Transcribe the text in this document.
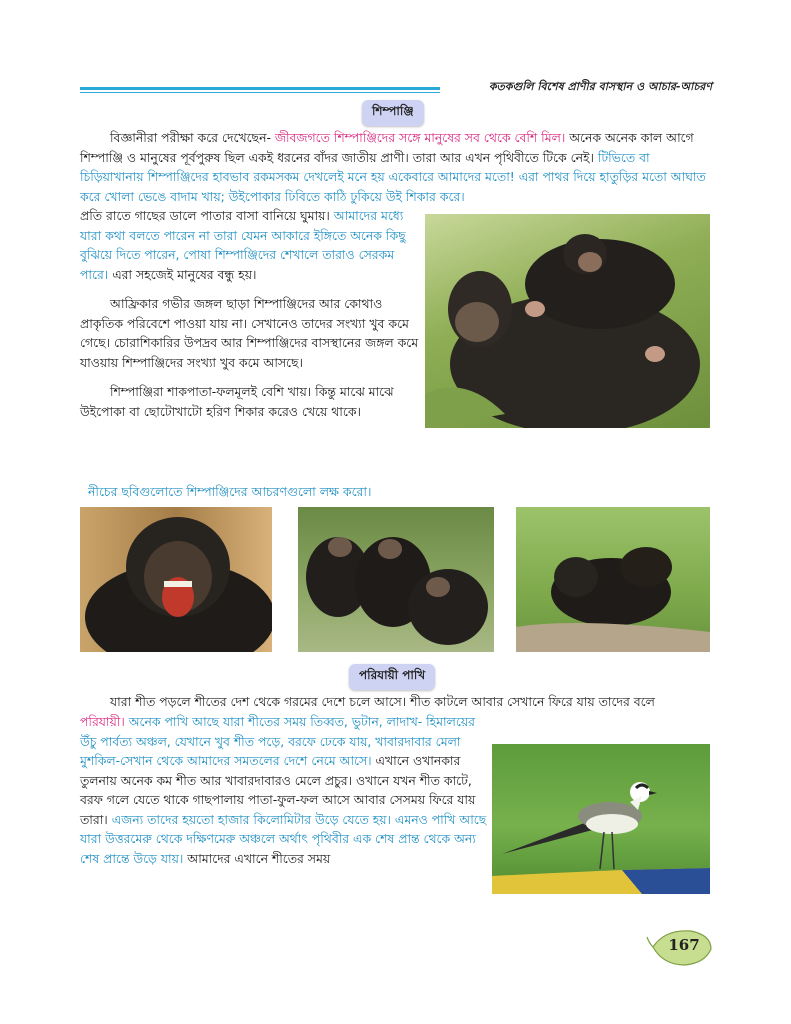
কতকগুলি বিশেষ প্রাণীর বাসস্থান ও আচার-আচরণ
শিম্পাঞ্জি

বিজ্ঞানীরা পরীক্ষা করে দেখেছেন- জীবজগতে শিম্পাঞ্জিদের সঙ্গে মানুষের সব থেকে বেশি মিল। অনেক অনেক কাল আগে শিম্পাঞ্জি ও মানুষের পূর্বপুরুষ ছিল একই ধরনের বাঁদর জাতীয় প্রাণী। তারা আর এখন পৃথিবীতে টিকে নেই। টিভিতে বা চিড়িয়াখানায় শিম্পাঞ্জিদের হাবভাব রকমসকম দেখলেই মনে হয় একেবারে আমাদের মতো! এরা পাথর দিয়ে হাতুড়ির মতো আঘাত করে খোলা ভেঙে বাদাম খায়; উইপোকার ঢিবিতে কাঠি ঢুকিয়ে উই শিকার করে।

প্রতি রাতে গাছের ডালে পাতার বাসা বানিয়ে ঘুমায়। আমাদের মধ্যে যারা কথা বলতে পারেন না তারা যেমন আকারে ইঙ্গিতে অনেক কিছু বুঝিয়ে দিতে পারেন, পোষা শিম্পাঞ্জিদের শেখালে তারাও সেরকম পারে। এরা সহজেই মানুষের বন্ধু হয়।

আফ্রিকার গভীর জঙ্গল ছাড়া শিম্পাঞ্জিদের আর কোথাও প্রাকৃতিক পরিবেশে পাওয়া যায় না। সেখানেও তাদের সংখ্যা খুব কমে গেছে। চোরাশিকারির উপদ্রব আর শিম্পাঞ্জিদের বাসস্থানের জঙ্গল কমে যাওয়ায় শিম্পাঞ্জিদের সংখ্যা খুব কমে আসছে।

শিম্পাঞ্জিরা শাকপাতা-ফলমূলই বেশি খায়। কিন্তু মাঝে মাঝে উইপোকা বা ছোটোখাটো হরিণ শিকার করেও খেয়ে থাকে।

নীচের ছবিগুলোতে শিম্পাঞ্জিদের আচরণগুলো লক্ষ করো।
পরিযায়ী পাখি

যারা শীত পড়লে শীতের দেশ থেকে গরমের দেশে চলে আসে। শীত কাটলে আবার সেখানে ফিরে যায় তাদের বলে

পরিযায়ী। অনেক পাখি আছে যারা শীতের সময় তিব্বত, ভুটান, লাদাখ- হিমালয়ের উঁচু পার্বত্য অঞ্চল, যেখানে খুব শীত পড়ে, বরফে ঢেকে যায়, খাবারদাবার মেলা মুশকিল-সেখান থেকে আমাদের সমতলের দেশে নেমে আসে। এখানে ওখানকার তুলনায় অনেক কম শীত আর খাবারদাবারও মেলে প্রচুর। ওখানে যখন শীত কাটে, বরফ গলে যেতে থাকে গাছপালায় পাতা-ফুল-ফল আসে আবার সেসময় ফিরে যায় তারা। এজন্য তাদের হয়তো হাজার কিলোমিটার উড়ে যেতে হয়। এমনও পাখি আছে যারা উত্তরমেরু থেকে দক্ষিণমেরু অঞ্চলে অর্থাৎ পৃথিবীর এক শেষ প্রান্ত থেকে অন্য শেষ প্রান্তে উড়ে যায়। আমাদের এখানে শীতের সময়

167
